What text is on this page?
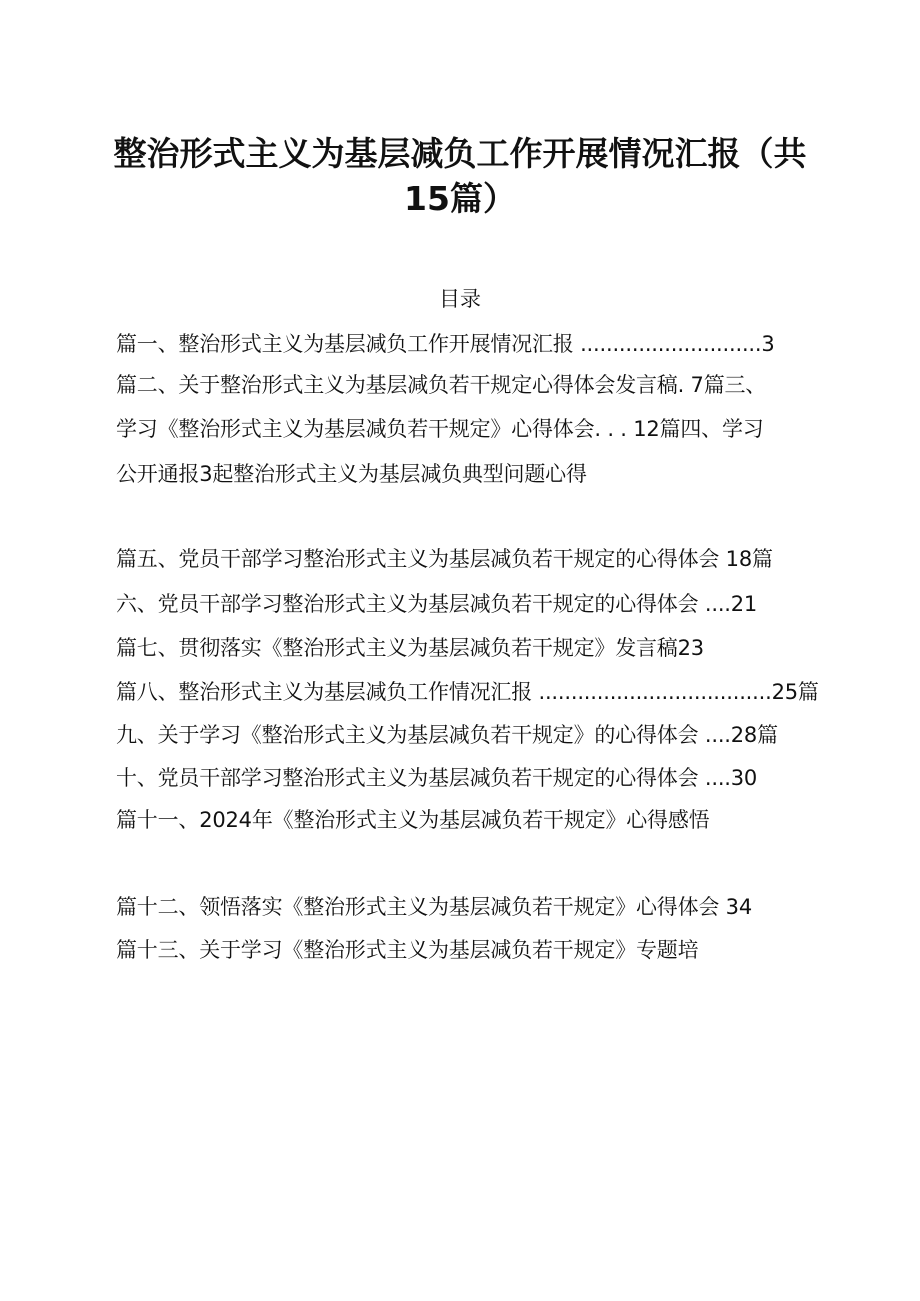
整治形式主义为基层减负工作开展情况汇报（共
15篇）
目录
篇一、整治形式主义为基层减负工作开展情况汇报 ............................3
篇二、关于整治形式主义为基层减负若干规定心得体会发言稿. 7篇三、
学习《整治形式主义为基层减负若干规定》心得体会. . . 12篇四、学习
公开通报3起整治形式主义为基层减负典型问题心得
篇五、党员干部学习整治形式主义为基层减负若干规定的心得体会 18篇
六、党员干部学习整治形式主义为基层减负若干规定的心得体会 ....21
篇七、贯彻落实《整治形式主义为基层减负若干规定》发言稿23
篇八、整治形式主义为基层减负工作情况汇报 ....................................25篇
九、关于学习《整治形式主义为基层减负若干规定》的心得体会 ....28篇
十、党员干部学习整治形式主义为基层减负若干规定的心得体会 ....30
篇十一、2024年《整治形式主义为基层减负若干规定》心得感悟
篇十二、领悟落实《整治形式主义为基层减负若干规定》心得体会 34
篇十三、关于学习《整治形式主义为基层减负若干规定》专题培
